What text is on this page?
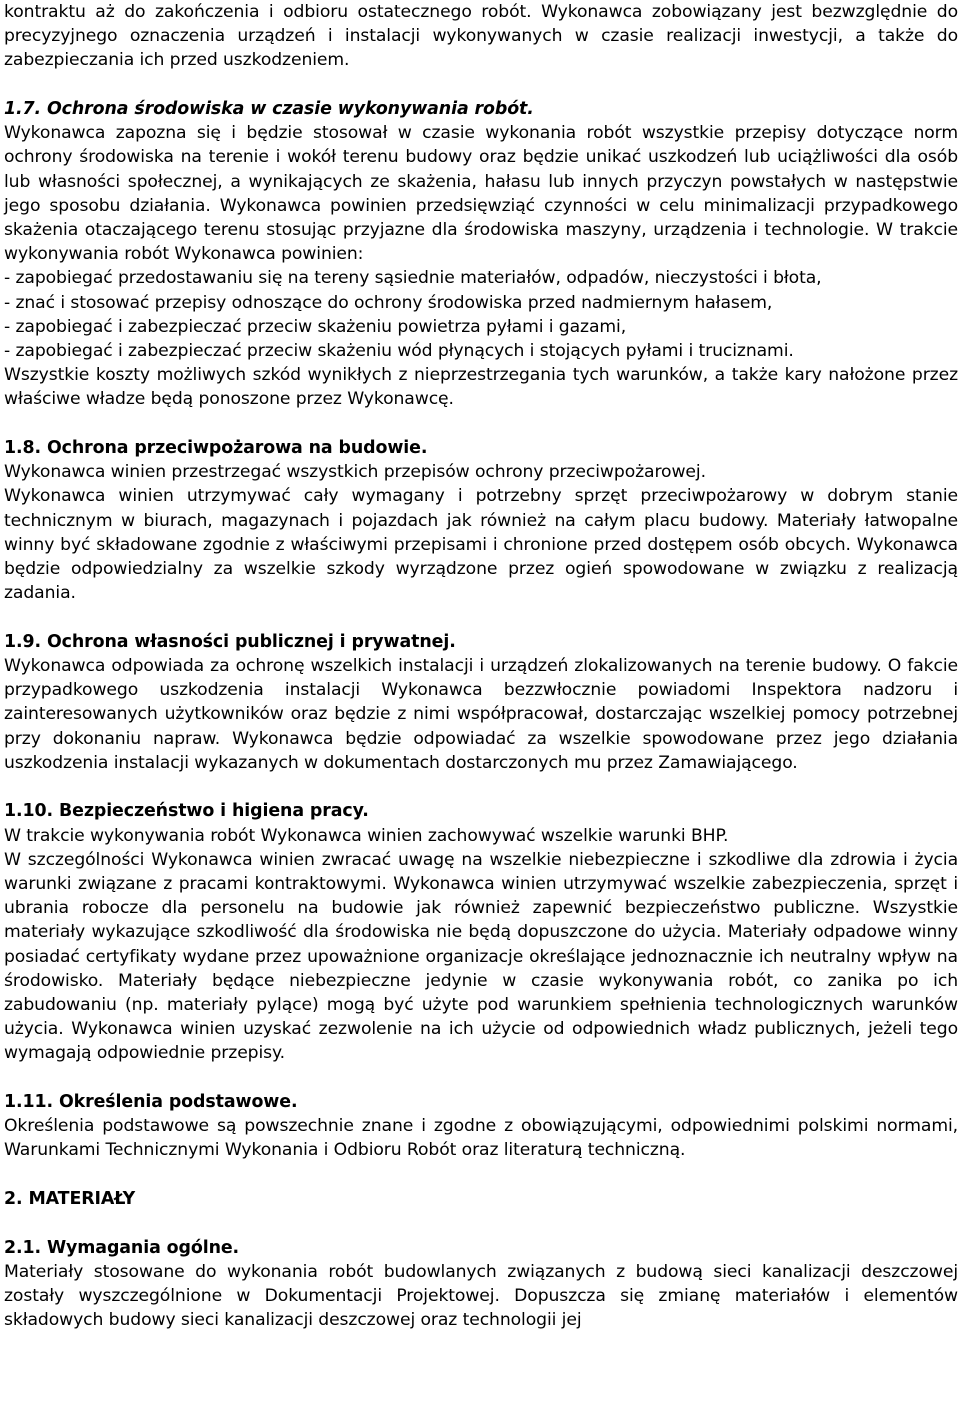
kontraktu aż do zakończenia i odbioru ostatecznego robót. Wykonawca zobowiązany jest bezwzględnie do precyzyjnego oznaczenia urządzeń i instalacji wykonywanych w czasie realizacji inwestycji, a także do zabezpieczania ich przed uszkodzeniem.

1.7. Ochrona środowiska w czasie wykonywania robót.

Wykonawca zapozna się i będzie stosował w czasie wykonania robót wszystkie przepisy dotyczące norm ochrony środowiska na terenie i wokół terenu budowy oraz będzie unikać uszkodzeń lub uciążliwości dla osób lub własności społecznej, a wynikających ze skażenia, hałasu lub innych przyczyn powstałych w następstwie jego sposobu działania. Wykonawca powinien przedsięwziąć czynności w celu minimalizacji przypadkowego skażenia otaczającego terenu stosując przyjazne dla środowiska maszyny, urządzenia i technologie. W trakcie wykonywania robót Wykonawca powinien:

- zapobiegać przedostawaniu się na tereny sąsiednie materiałów, odpadów, nieczystości i błota,

- znać i stosować przepisy odnoszące do ochrony środowiska przed nadmiernym hałasem,

- zapobiegać i zabezpieczać przeciw skażeniu powietrza pyłami i gazami,

- zapobiegać i zabezpieczać przeciw skażeniu wód płynących i stojących pyłami i truciznami.

Wszystkie koszty możliwych szkód wynikłych z nieprzestrzegania tych warunków, a także kary nałożone przez właściwe władze będą ponoszone przez Wykonawcę.

1.8. Ochrona przeciwpożarowa na budowie.

Wykonawca winien przestrzegać wszystkich przepisów ochrony przeciwpożarowej.

Wykonawca winien utrzymywać cały wymagany i potrzebny sprzęt przeciwpożarowy w dobrym stanie technicznym w biurach, magazynach i pojazdach jak również na całym placu budowy. Materiały łatwopalne winny być składowane zgodnie z właściwymi przepisami i chronione przed dostępem osób obcych. Wykonawca będzie odpowiedzialny za wszelkie szkody wyrządzone przez ogień spowodowane w związku z realizacją zadania.

1.9. Ochrona własności publicznej i prywatnej.

Wykonawca odpowiada za ochronę wszelkich instalacji i urządzeń zlokalizowanych na terenie budowy. O fakcie przypadkowego uszkodzenia instalacji Wykonawca bezzwłocznie powiadomi Inspektora nadzoru i zainteresowanych użytkowników oraz będzie z nimi współpracował, dostarczając wszelkiej pomocy potrzebnej przy dokonaniu napraw. Wykonawca będzie odpowiadać za wszelkie spowodowane przez jego działania uszkodzenia instalacji wykazanych w dokumentach dostarczonych mu przez Zamawiającego.

1.10. Bezpieczeństwo i higiena pracy.

W trakcie wykonywania robót Wykonawca winien zachowywać wszelkie warunki BHP.

W szczególności Wykonawca winien zwracać uwagę na wszelkie niebezpieczne i szkodliwe dla zdrowia i życia warunki związane z pracami kontraktowymi. Wykonawca winien utrzymywać wszelkie zabezpieczenia, sprzęt i ubrania robocze dla personelu na budowie jak również zapewnić bezpieczeństwo publiczne. Wszystkie materiały wykazujące szkodliwość dla środowiska nie będą dopuszczone do użycia. Materiały odpadowe winny posiadać certyfikaty wydane przez upoważnione organizacje określające jednoznacznie ich neutralny wpływ na środowisko. Materiały będące niebezpieczne jedynie w czasie wykonywania robót, co zanika po ich zabudowaniu (np. materiały pylące) mogą być użyte pod warunkiem spełnienia technologicznych warunków użycia. Wykonawca winien uzyskać zezwolenie na ich użycie od odpowiednich władz publicznych, jeżeli tego wymagają odpowiednie przepisy.

1.11. Określenia podstawowe.

Określenia podstawowe są powszechnie znane i zgodne z obowiązującymi, odpowiednimi polskimi normami, Warunkami Technicznymi Wykonania i Odbioru Robót oraz literaturą techniczną.

2. MATERIAŁY
2.1. Wymagania ogólne.

Materiały stosowane do wykonania robót budowlanych związanych z budową sieci kanalizacji deszczowej zostały wyszczególnione w Dokumentacji Projektowej. Dopuszcza się zmianę materiałów i elementów składowych budowy sieci kanalizacji deszczowej oraz technologii jej
